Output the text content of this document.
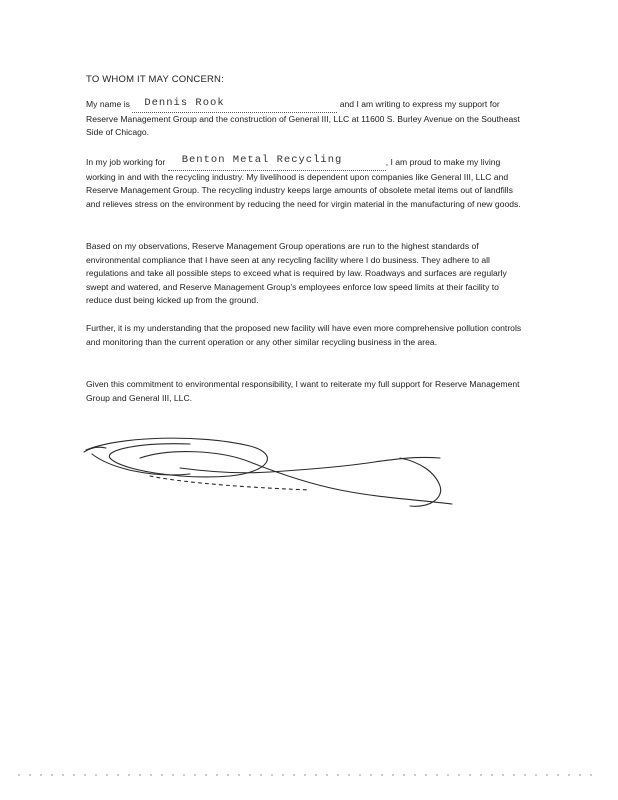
TO WHOM IT MAY CONCERN:
My name is Dennis Rook	and I am writing to express my support for Reserve Management Group and the construction of General III, LLC at 11600 S. Burley Avenue on the Southeast Side of Chicago.
In my job working for Benton Metal Recycling	, I am proud to make my living working in and with the recycling industry. My livelihood is dependent upon companies like General III, LLC and Reserve Management Group. The recycling industry keeps large amounts of obsolete metal items out of landfills and relieves stress on the environment by reducing the need for virgin material in the manufacturing of new goods.
Based on my observations, Reserve Management Group operations are run to the highest standards of environmental compliance that I have seen at any recycling facility where I do business. They adhere to all regulations and take all possible steps to exceed what is required by law. Roadways and surfaces are regularly swept and watered, and Reserve Management Group's employees enforce low speed limits at their facility to reduce dust being kicked up from the ground.
Further, it is my understanding that the proposed new facility will have even more comprehensive pollution controls and monitoring than the current operation or any other similar recycling business in the area.
Given this commitment to environmental responsibility, I want to reiterate my full support for Reserve Management Group and General III, LLC.
